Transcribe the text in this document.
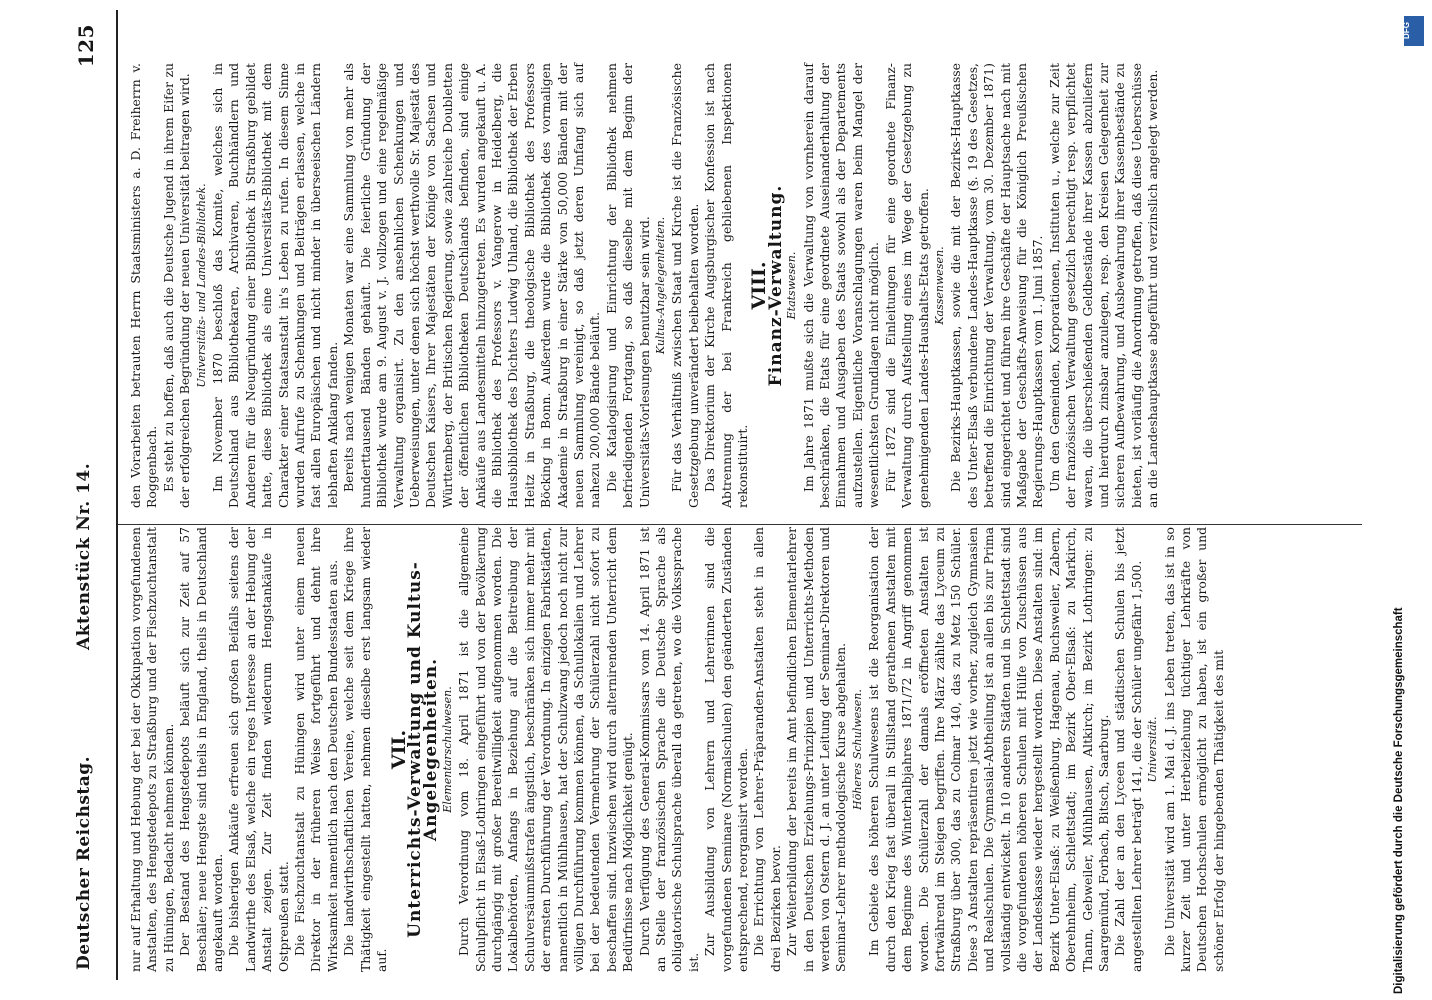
Deutscher Reichstag.
Aktenstück Nr. 14.
125

nur auf Erhaltung und Hebung der bei der Okkupation vorgefundenen Anstalten, des Hengstedepots zu Straßburg und der Fischzuchtanstalt zu Hüningen, Bedacht nehmen können. Der Bestand des Hengstedepots beläuft sich zur Zeit auf 57 Beschäler; neue Hengste sind theils in England, theils in Deutschland angekauft worden. Die bisherigen Ankäufe erfreuen sich großen Beifalls seitens der Landwirthe des Elsaß, welche ein reges Interesse an der Hebung der Anstalt zeigen. Zur Zeit finden wiederum Hengstankäufe in Ostpreußen statt. Die Fischzuchtanstalt zu Hüningen wird unter einem neuen Direktor in der früheren Weise fortgeführt und dehnt ihre Wirksamkeit namentlich nach den Deutschen Bundesstaaten aus. Die landwirthschaftlichen Vereine, welche seit dem Kriege ihre Thätigkeit eingestellt hatten, nehmen dieselbe erst langsam wieder auf.

VII.

Unterrichts-Verwaltung und Kultus-Angelegenheiten. Elementarschulwesen. Durch Verordnung vom 18. April 1871 ist die allgemeine Schulpflicht in Elsaß-Lothringen eingeführt und von der Bevölkerung durchgängig mit großer Bereitwilligkeit aufgenommen worden. Die Lokalbehörden, Anfangs in Beziehung auf die Beitreibung der Schulversäumnißstrafen ängstlich, beschränken sich immer mehr mit der ernsten Durchführung der Verordnung. In einzigen Fabrikstädten, namentlich in Mühlhausen, hat der Schulzwang jedoch noch nicht zur völligen Durchführung kommen können, da Schullokalien und Lehrer bei der bedeutenden Vermehrung der Schülerzahl nicht sofort zu beschaffen sind. Inzwischen wird durch alternirenden Unterricht dem Bedürfnisse nach Möglichkeit genügt. Durch Verfügung des General-Kommissars vom 14. April 1871 ist an Stelle der französischen Sprache die Deutsche Sprache als obligatorische Schulsprache überall da getreten, wo die Volkssprache ist.

Zur Ausbildung von Lehrern und Lehrerinnen sind die vorgefundenen Seminare (Normalschulen) den geänderten Zuständen entsprechend, reorganisirt worden. Die Errichtung von Lehrer-Präparanden-Anstalten steht in allen drei Bezirken bevor. Zur Weiterbildung der bereits im Amt befindlichen Elementarlehrer in den Deutschen Erziehungs-Prinzipien und Unterrichts-Methoden werden von Ostern d. J. an unter Leitung der Seminar-Direktoren und Seminar-Lehrer methodologische Kurse abgehalten. Höheres Schulwesen. Im Gebiete des höheren Schulwesens ist die Reorganisation der durch den Krieg fast überall in Stillstand gerathenen Anstalten mit dem Beginne des Winterhalbjahres 1871/72 in Angriff genommen worden. Die Schülerzahl der damals eröffneten Anstalten ist fortwährend im Steigen begriffen. Ihre März zählte das Lyceum zu Straßburg über 300, das zu Colmar 140, das zu Metz 150 Schüler. Diese 3 Anstalten repräsentiren jetzt wie vorher, zugleich Gymnasien und Realschulen. Die Gymnasial-Abtheilung ist an allen bis zur Prima vollständig entwickelt. In 10 anderen Städten und in Schlettstadt sind die vorgefundenen höheren Schulen mit Hülfe von Zuschüssen aus der Landeskasse wieder hergestellt worden. Diese Anstalten sind: im Bezirk Unter-Elsaß: zu Weißenburg, Hagenau, Buchsweiler, Zabern, Oberehnheim, Schlettstadt; im Bezirk Ober-Elsaß: zu Markirch, Thann, Gebweiler, Mühlhausen, Altkirch; im Bezirk Lothringen: zu Saargemünd, Forbach, Bitsch, Saarburg. Die Zahl der an den Lyceen und städtischen Schulen bis jetzt angestellten Lehrer beträgt 141, die der Schüler ungefähr 1,500. Universität. Die Universität wird am 1. Mai d. J. ins Leben treten, das ist in so kurzer Zeit und unter Herbeiziehung tüchtiger Lehrkräfte von Deutschen Hochschulen ermöglicht zu haben, ist ein großer und schöner Erfolg der hingebenden Thätigkeit des mit

den Vorarbeiten betrauten Herrn Staatsministers a. D. Freiherrn v. Roggenbach. Es steht zu hoffen, daß auch die Deutsche Jugend in ihrem Eifer zu der erfolgreichen Begründung der neuen Universität beitragen wird. Universitäts- und Landes-Bibliothek. Im November 1870 beschloß das Komite, welches sich in Deutschland aus Bibliothekaren, Archivaren, Buchhändlern und Anderen für die Neugründung einer Bibliothek in Straßburg gebildet hatte, diese Bibliothek als eine Universitäts-Bibliothek mit dem Charakter einer Staatsanstalt in's Leben zu rufen. In diesem Sinne wurden Aufrufe zu Schenkungen und Beiträgen erlassen, welche in fast allen Europäischen und nicht minder in überseeischen Ländern lebhaften Anklang fanden. Bereits nach wenigen Monaten war eine Sammlung von mehr als hunderttausend Bänden gehäuft. Die feierliche Gründung der Bibliothek wurde am 9. August v. J. vollzogen und eine regelmäßige Verwaltung organisirt. Zu den ansehnlichen Schenkungen und Ueberweisungen, unter denen sich höchst werthvolle Sr. Majestät des Deutschen Kaisers, Ihrer Majestäten der Könige von Sachsen und Württemberg, der Britischen Regierung, sowie zahlreiche Doubletten der öffentlichen Bibliotheken Deutschlands befinden, sind einige Ankäufe aus Landesmitteln hinzugetreten. Es wurden angekauft u. A. die Bibliothek des Professors v. Vangerow in Heidelberg, die Hausbibliothek des Dichters Ludwig Uhland, die Bibliothek der Erben Heitz in Straßburg, die theologische Bibliothek des Professors Böcking in Bonn. Außerdem wurde die Bibliothek des vormaligen Akademie in Straßburg in einer Stärke von 50,000 Bänden mit der neuen Sammlung vereinigt, so daß jetzt deren Umfang sich auf nahezu 200,000 Bände beläuft. Die Katalogisirung und Einrichtung der Bibliothek nehmen befriedigenden Fortgang, so daß dieselbe mit dem Beginn der Universitäts-Vorlesungen benutzbar sein wird. Kultus-Angelegenheiten. Für das Verhältniß zwischen Staat und Kirche ist die Französische Gesetzgebung unverändert beibehalten worden. Das Direktorium der Kirche Augsburgischer Konfession ist nach Abtrennung der bei Frankreich gebliebenen Inspektionen rekonstituirt.

VIII.

Finanz-Verwaltung. Etatswesen. Im Jahre 1871 mußte sich die Verwaltung von vornherein darauf beschränken, die Etats für eine geordnete Auseinanderhaltung der Einnahmen und Ausgaben des Staats sowohl als der Departements aufzustellen. Eigentliche Voranschlagungen waren beim Mangel der wesentlichsten Grundlagen nicht möglich. Für 1872 sind die Einleitungen für eine geordnete Finanz-Verwaltung durch Aufstellung eines im Wege der Gesetzgebung zu genehmigenden Landes-Haushalts-Etats getroffen. Kassenwesen. Die Bezirks-Hauptkassen, sowie die mit der Bezirks-Hauptkasse des Unter-Elsaß verbundene Landes-Hauptkasse (§. 19 des Gesetzes, betreffend die Einrichtung der Verwaltung, vom 30. Dezember 1871) sind eingerichtet und führen ihre Geschäfte der Hauptsache nach mit Maßgabe der Geschäfts-Anweisung für die Königlich Preußischen Regierungs-Hauptkassen vom 1. Juni 1857. Um den Gemeinden, Korporationen, Instituten u., welche zur Zeit der französischen Verwaltung gesetzlich berechtigt resp. verpflichtet waren, die überschießenden Geldbestände ihrer Kassen abzuliefern und hierdurch zinsbar anzulegen, resp. den Kreisen Gelegenheit zur sicheren Aufbewahrung, und Ausbewahrung ihrer Kassenbestände zu bieten, ist vorläufig die Anordnung getroffen, daß diese Ueberschüsse an die Landeshauptkasse abgeführt und verzinslich angelegt werden.

Digitalisierung gefördert durch die Deutsche Forschungsgemeinschaft
DFG
